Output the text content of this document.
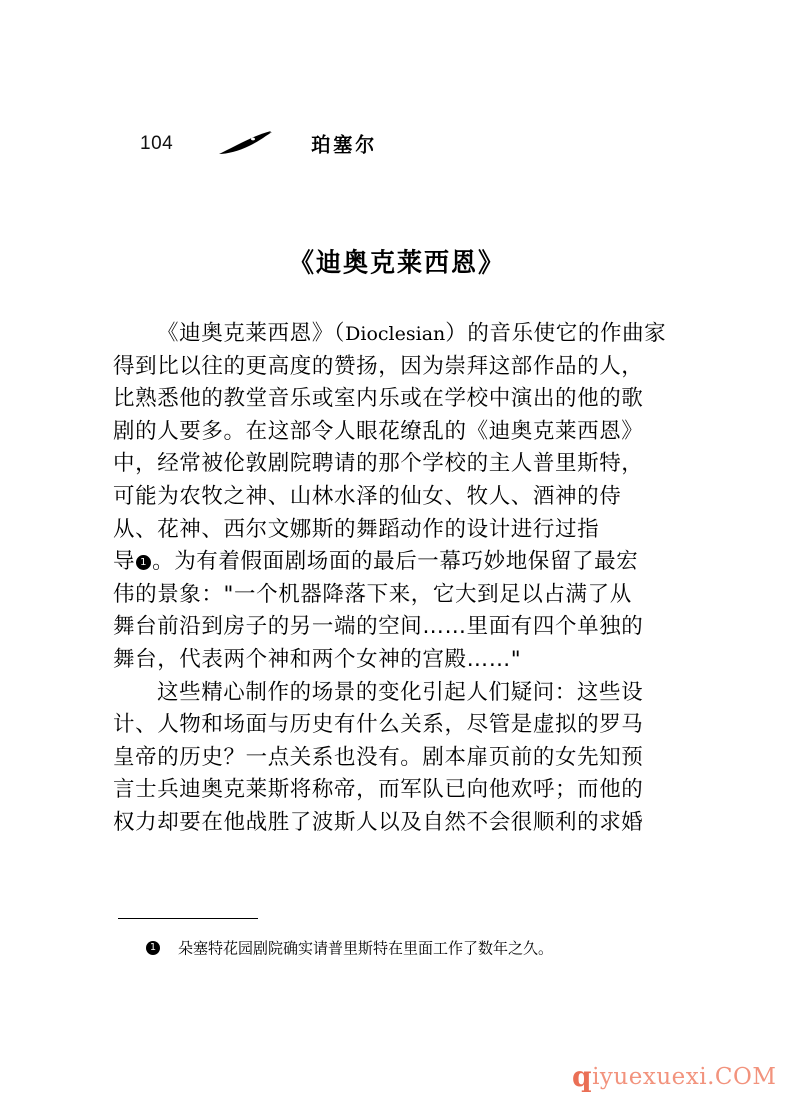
104	珀塞尔
《迪奥克莱西恩》
《迪奥克莱西恩》（Dioclesian）的音乐使它的作曲家
得到比以往的更高度的赞扬，因为崇拜这部作品的人，
比熟悉他的教堂音乐或室内乐或在学校中演出的他的歌
剧的人要多。在这部令人眼花缭乱的《迪奥克莱西恩》
中，经常被伦敦剧院聘请的那个学校的主人普里斯特，
可能为农牧之神、山林水泽的仙女、牧人、酒神的侍
从、花神、西尔文娜斯的舞蹈动作的设计进行过指
导 1 。为有着假面剧场面的最后一幕巧妙地保留了最宏
伟的景象："一个机器降落下来，它大到足以占满了从
舞台前沿到房子的另一端的空间……里面有四个单独的
舞台，代表两个神和两个女神的宫殿……"
这些精心制作的场景的变化引起人们疑问：这些设
计、人物和场面与历史有什么关系，尽管是虚拟的罗马
皇帝的历史？一点关系也没有。剧本扉页前的女先知预
言士兵迪奥克莱斯将称帝，而军队已向他欢呼；而他的
权力却要在他战胜了波斯人以及自然不会很顺利的求婚
1 朵塞特花园剧院确实请普里斯特在里面工作了数年之久。
qiyuexuexi.COM
